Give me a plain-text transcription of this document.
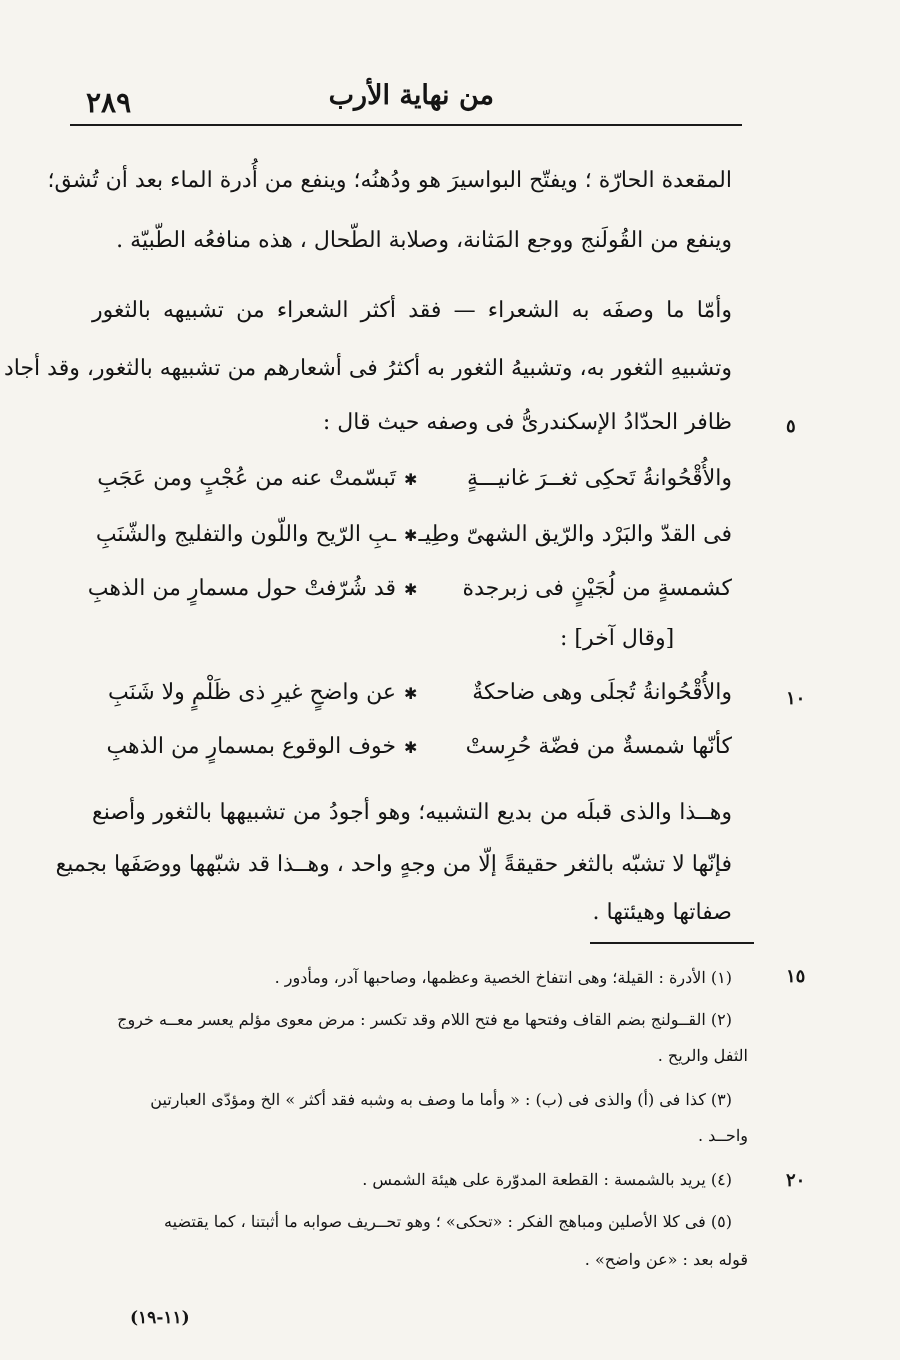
٢٨٩	من نهاية الأرب
المقعدة الحارّة ؛ ويفتّح البواسيرَ هو ودُهنُه؛ وينفع من أُدرة الماء بعد أن تُشق؛
وينفع من القُولَنج ووجع المَثانة، وصلابة الطّحال ، هذه منافعُه الطّبيّة .
وأمّا ما وصفَه به الشعراء — فقد أكثر الشعراء من تشبيهه بالثغور
وتشبيهِ الثغور به، وتشبيهُ الثغور به أكثرُ فى أشعارهم من تشبيهه بالثغور، وقد أجاد
ظافر الحدّادُ الإسكندرىُّ فى وصفه حيث قال :
والأُقْحُوانةُ تَحكِى ثغــرَ غانيـــةٍ
✱
تَبسّمتْ عنه من عُجْبٍ ومن عَجَبِ
فى القدّ والبَرْد والرّيق الشهىّ وطِيـ
✱
ـبِ الرّيح واللّون والتفليج والشّنَبِ
كشمسةٍ من لُجَيْنٍ فى زبرجدة
✱
قد شُرّفتْ حول مسمارٍ من الذهبِ
[وقال آخر] :
والأُقْحُوانةُ تُجلَى وهى ضاحكةٌ
✱
عن واضحٍ غيرِ ذى ظَلْمٍ ولا شَنَبِ
كأنّها شمسةٌ من فضّة حُرِستْ
✱
خوف الوقوع بمسمارٍ من الذهبِ
وهــذا والذى قبلَه من بديع التشبيه؛ وهو أجودُ من تشبيهها بالثغور وأصنع
فإنّها لا تشبّه بالثغر حقيقةً إلّا من وجهٍ واحد ، وهــذا قد شبّهها ووصَفَها بجميع
صفاتها وهيئتها .
٥
١٠
١٥
٢٠
(١) الأدرة : القيلة؛ وهى انتفاخ الخصية وعظمها، وصاحبها آدر، ومأدور .
(٢) القــولنج بضم القاف وفتحها مع فتح اللام وقد تكسر : مرض معوى مؤلم يعسر معــه خروج
الثفل والريح .
(٣) كذا فى (أ) والذى فى (ب) : « وأما ما وصف به وشبه فقد أكثر » الخ ومؤدّى العبارتين
واحــد .
(٤) يريد بالشمسة : القطعة المدوّرة على هيئة الشمس .
(٥) فى كلا الأصلين ومباهج الفكر : «تحكى» ؛ وهو تحــريف صوابه ما أثبتنا ، كما يقتضيه
قوله بعد : «عن واضح» .
(١١-١٩)
